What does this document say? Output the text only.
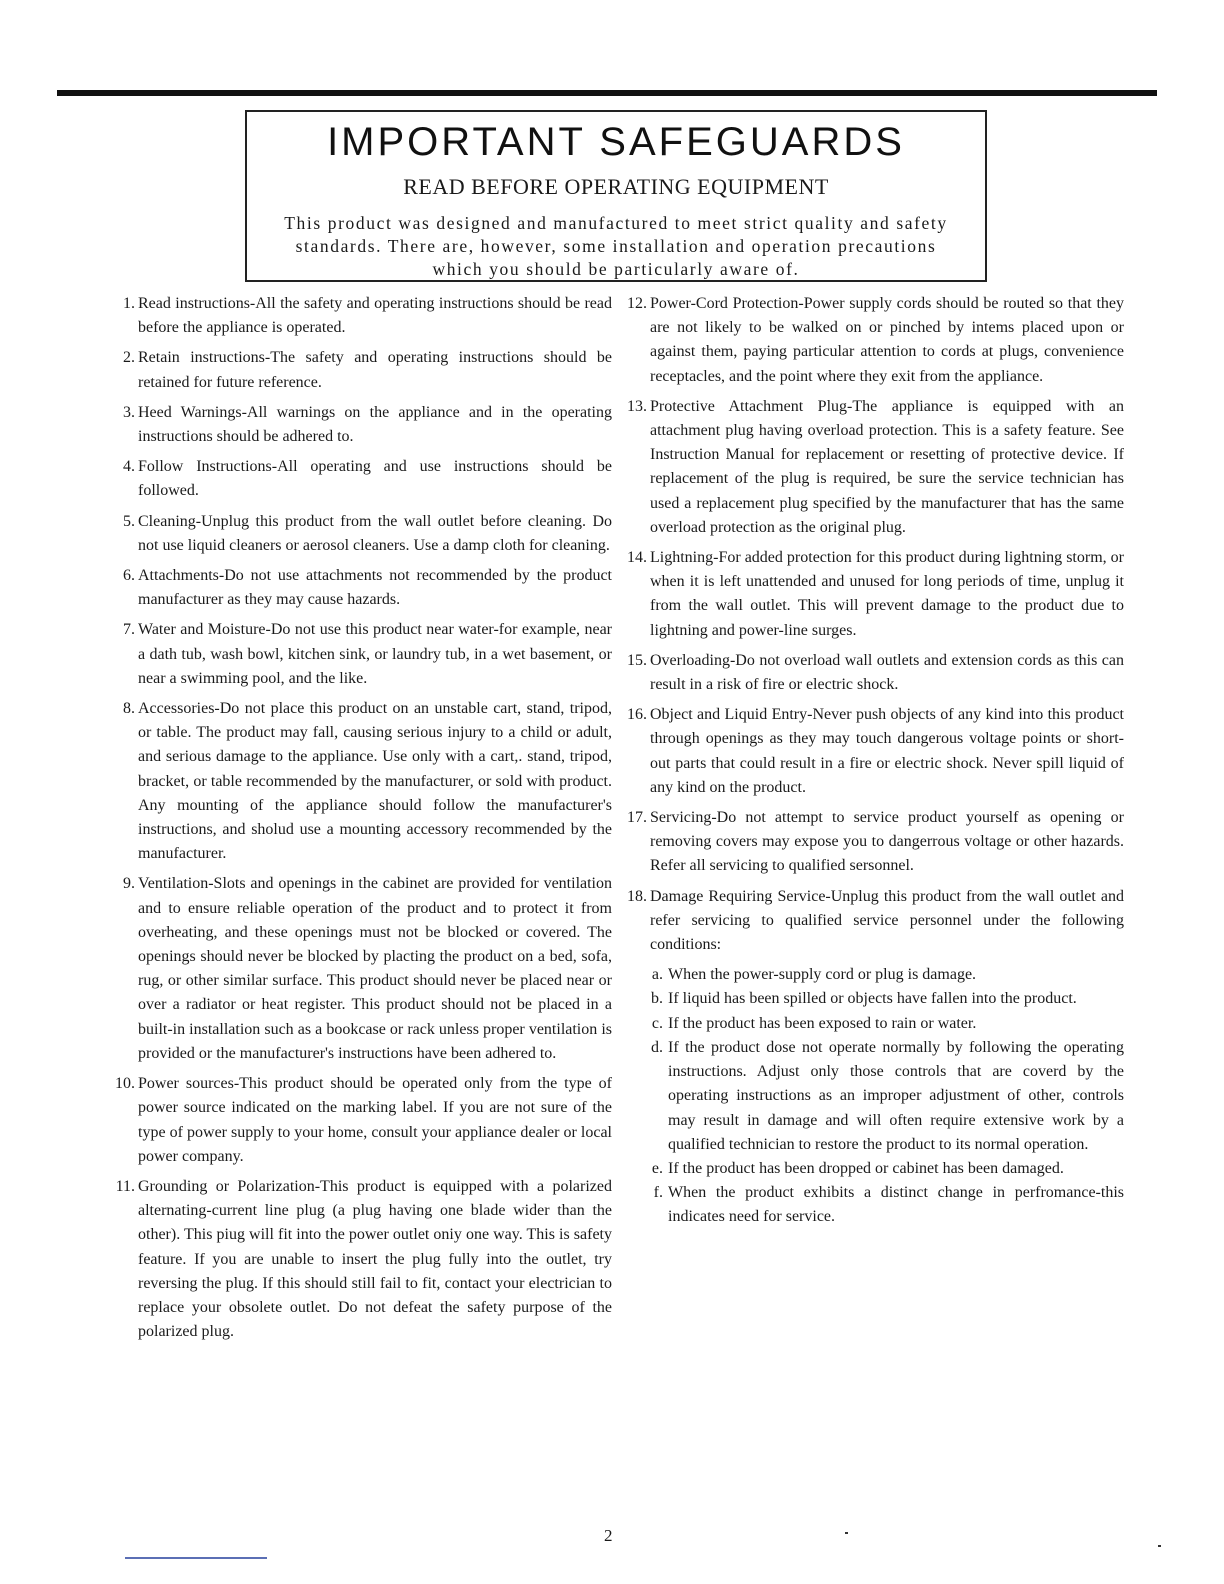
IMPORTANT SAFEGUARDS
READ BEFORE OPERATING EQUIPMENT
This product was designed and manufactured to meet strict quality and safety standards. There are, however, some installation and operation precautions which you should be particularly aware of.
1. Read instructions-All the safety and operating instructions should be read before the appliance is operated.
2. Retain instructions-The safety and operating instructions should be retained for future reference.
3. Heed Warnings-All warnings on the appliance and in the operating instructions should be adhered to.
4. Follow Instructions-All operating and use instructions should be followed.
5. Cleaning-Unplug this product from the wall outlet before cleaning. Do not use liquid cleaners or aerosol cleaners. Use a damp cloth for cleaning.
6. Attachments-Do not use attachments not recommended by the product manufacturer as they may cause hazards.
7. Water and Moisture-Do not use this product near water-for example, near a dath tub, wash bowl, kitchen sink, or laundry tub, in a wet basement, or near a swimming pool, and the like.
8. Accessories-Do not place this product on an unstable cart, stand, tripod, or table. The product may fall, causing serious injury to a child or adult, and serious damage to the appliance. Use only with a cart,. stand, tripod, bracket, or table recommended by the manufacturer, or sold with product. Any mounting of the appliance should follow the manufacturer's instructions, and sholud use a mounting accessory recommended by the manufacturer.
9. Ventilation-Slots and openings in the cabinet are provided for ventilation and to ensure reliable operation of the product and to protect it from overheating, and these openings must not be blocked or covered. The openings should never be blocked by placting the product on a bed, sofa, rug, or other similar surface. This product should never be placed near or over a radiator or heat register. This product should not be placed in a built-in installation such as a bookcase or rack unless proper ventilation is provided or the manufacturer's instructions have been adhered to.
10. Power sources-This product should be operated only from the type of power source indicated on the marking label. If you are not sure of the type of power supply to your home, consult your appliance dealer or local power company.
11. Grounding or Polarization-This product is equipped with a polarized alternating-current line plug (a plug having one blade wider than the other). This piug will fit into the power outlet oniy one way. This is safety feature. If you are unable to insert the plug fully into the outlet, try reversing the plug. If this should still fail to fit, contact your electrician to replace your obsolete outlet. Do not defeat the safety purpose of the polarized plug.
12. Power-Cord Protection-Power supply cords should be routed so that they are not likely to be walked on or pinched by intems placed upon or against them, paying particular attention to cords at plugs, convenience receptacles, and the point where they exit from the appliance.
13. Protective Attachment Plug-The appliance is equipped with an attachment plug having overload protection. This is a safety feature. See Instruction Manual for replacement or resetting of protective device. If replacement of the plug is required, be sure the service technician has used a replacement plug specified by the manufacturer that has the same overload protection as the original plug.
14. Lightning-For added protection for this product during lightning storm, or when it is left unattended and unused for long periods of time, unplug it from the wall outlet. This will prevent damage to the product due to lightning and power-line surges.
15. Overloading-Do not overload wall outlets and extension cords as this can result in a risk of fire or electric shock.
16. Object and Liquid Entry-Never push objects of any kind into this product through openings as they may touch dangerous voltage points or short-out parts that could result in a fire or electric shock. Never spill liquid of any kind on the product.
17. Servicing-Do not attempt to service product yourself as opening or removing covers may expose you to dangerrous voltage or other hazards. Refer all servicing to qualified sersonnel.
18. Damage Requiring Service-Unplug this product from the wall outlet and refer servicing to qualified service personnel under the following conditions:
a. When the power-supply cord or plug is damage.
b. If liquid has been spilled or objects have fallen into the product.
c. If the product has been exposed to rain or water.
d. If the product dose not operate normally by following the operating instructions. Adjust only those controls that are coverd by the operating instructions as an improper adjustment of other, controls may result in damage and will often require extensive work by a qualified technician to restore the product to its normal operation.
e. If the product has been dropped or cabinet has been damaged.
f. When the product exhibits a distinct change in perfromance-this indicates need for service.
2
